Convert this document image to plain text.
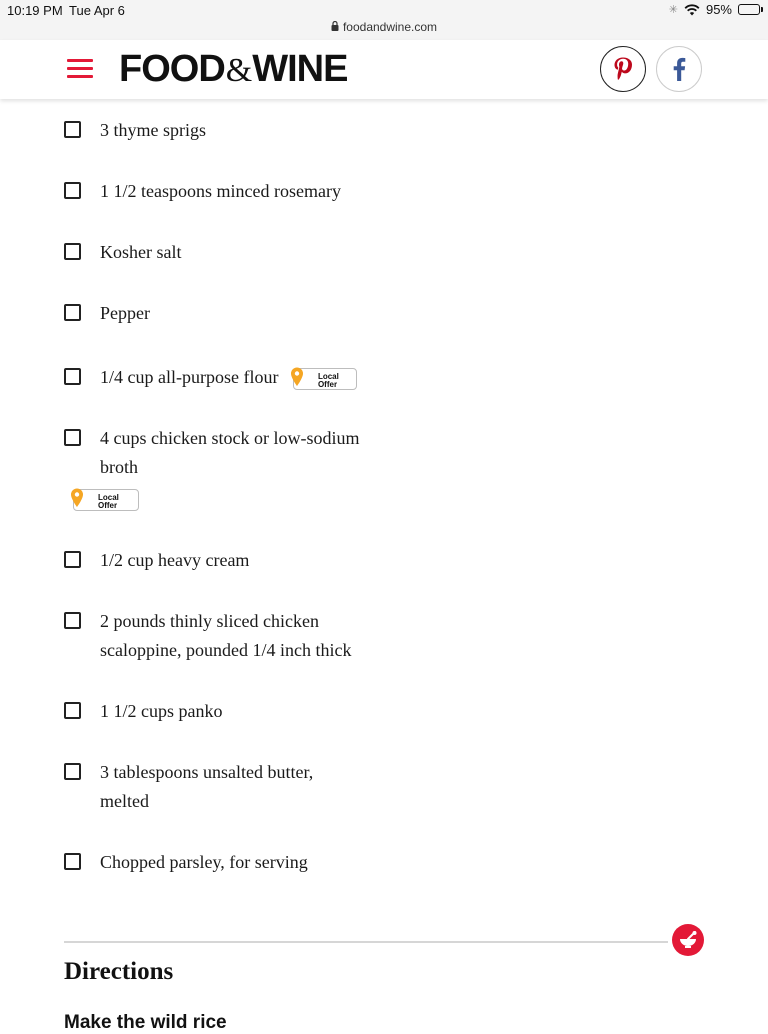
10:19 PM Tue Apr 6
foodandwine.com
✳ 95%
FOOD&WINE
3 thyme sprigs
1 1/2 teaspoons minced rosemary
Kosher salt
Pepper
1/4 cup all-purpose flour	Local
Offer
4 cups chicken stock or low-sodium broth
Local
Offer
1/2 cup heavy cream
2 pounds thinly sliced chicken scaloppine, pounded 1/4 inch thick
1 1/2 cups panko
3 tablespoons unsalted butter, melted
Chopped parsley, for serving
Directions
Make the wild rice
